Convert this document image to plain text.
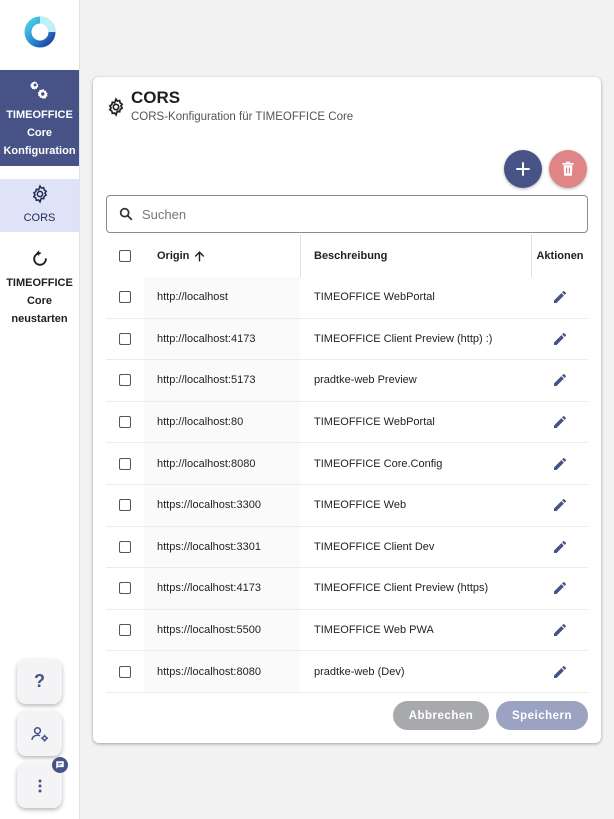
TIMEOFFICE
Core
Konfiguration
CORS
TIMEOFFICE
Core
neustarten
?
CORS
CORS-Konfiguration für TIMEOFFICE Core
Suchen
Origin	Beschreibung	Aktionen
http://localhost	TIMEOFFICE WebPortal
http://localhost:4173	TIMEOFFICE Client Preview (http) :)
http://localhost:5173	pradtke-web Preview
http://localhost:80	TIMEOFFICE WebPortal
http://localhost:8080	TIMEOFFICE Core.Config
https://localhost:3300	TIMEOFFICE Web
https://localhost:3301	TIMEOFFICE Client Dev
https://localhost:4173	TIMEOFFICE Client Preview (https)
https://localhost:5500	TIMEOFFICE Web PWA
https://localhost:8080	pradtke-web (Dev)
Abbrechen	Speichern
